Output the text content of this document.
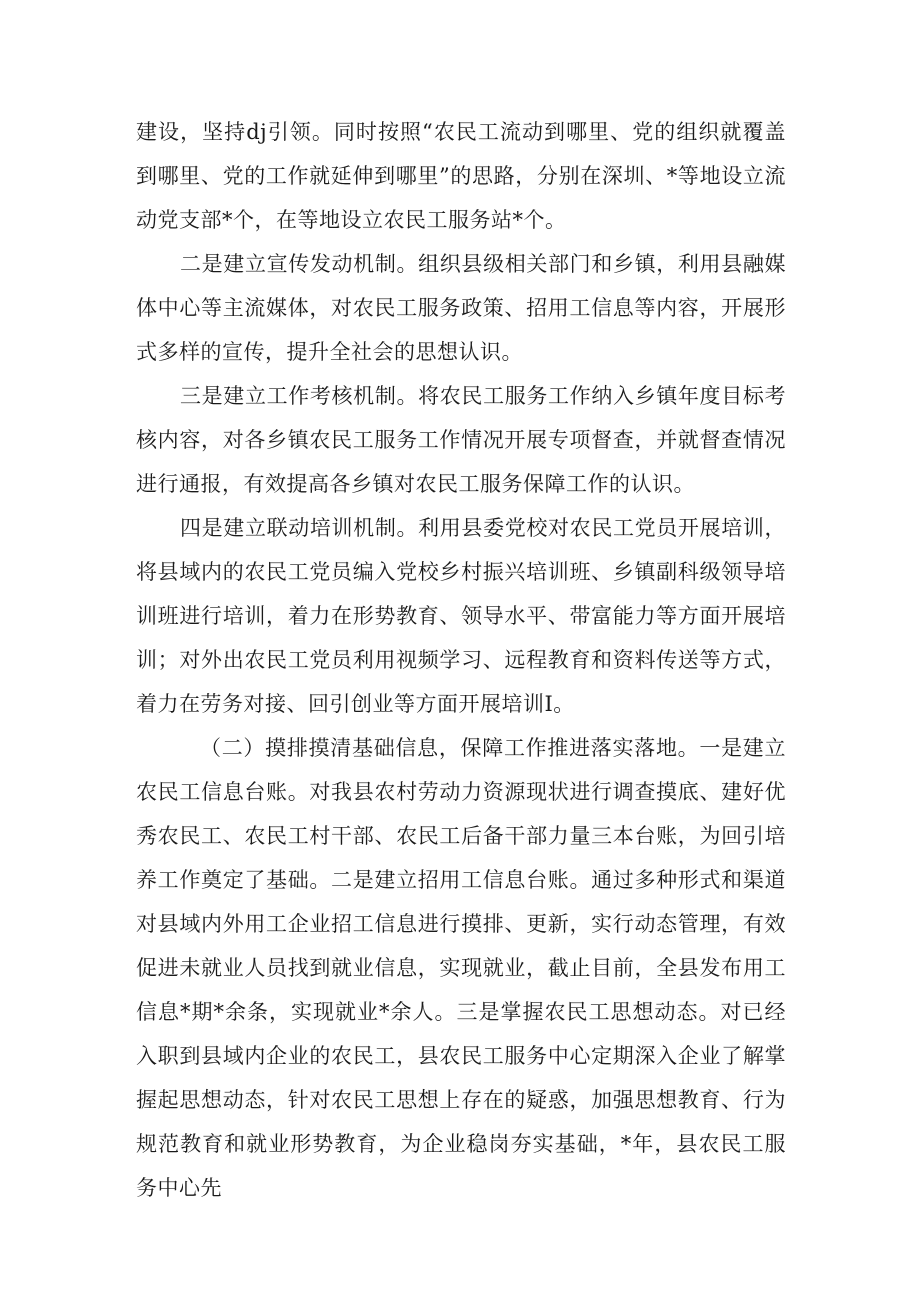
建设，坚持dj引领。同时按照“农民工流动到哪里、党的组织就覆盖到哪里、党的工作就延伸到哪里”的思路，分别在深圳、*等地设立流动党支部*个，在等地设立农民工服务站*个。

二是建立宣传发动机制。组织县级相关部门和乡镇，利用县融媒体中心等主流媒体，对农民工服务政策、招用工信息等内容，开展形式多样的宣传，提升全社会的思想认识。

三是建立工作考核机制。将农民工服务工作纳入乡镇年度目标考核内容，对各乡镇农民工服务工作情况开展专项督查，并就督查情况进行通报，有效提高各乡镇对农民工服务保障工作的认识。

四是建立联动培训机制。利用县委党校对农民工党员开展培训，将县域内的农民工党员编入党校乡村振兴培训班、乡镇副科级领导培训班进行培训，着力在形势教育、领导水平、带富能力等方面开展培训；对外出农民工党员利用视频学习、远程教育和资料传送等方式，着力在劳务对接、回引创业等方面开展培训I。

（二）摸排摸清基础信息，保障工作推进落实落地。一是建立农民工信息台账。对我县农村劳动力资源现状进行调查摸底、建好优秀农民工、农民工村干部、农民工后备干部力量三本台账，为回引培养工作奠定了基础。二是建立招用工信息台账。通过多种形式和渠道对县域内外用工企业招工信息进行摸排、更新，实行动态管理，有效促进未就业人员找到就业信息，实现就业，截止目前，全县发布用工信息*期*余条，实现就业*余人。三是掌握农民工思想动态。对已经入职到县域内企业的农民工，县农民工服务中心定期深入企业了解掌握起思想动态，针对农民工思想上存在的疑惑，加强思想教育、行为规范教育和就业形势教育，为企业稳岗夯实基础，*年，县农民工服务中心先
